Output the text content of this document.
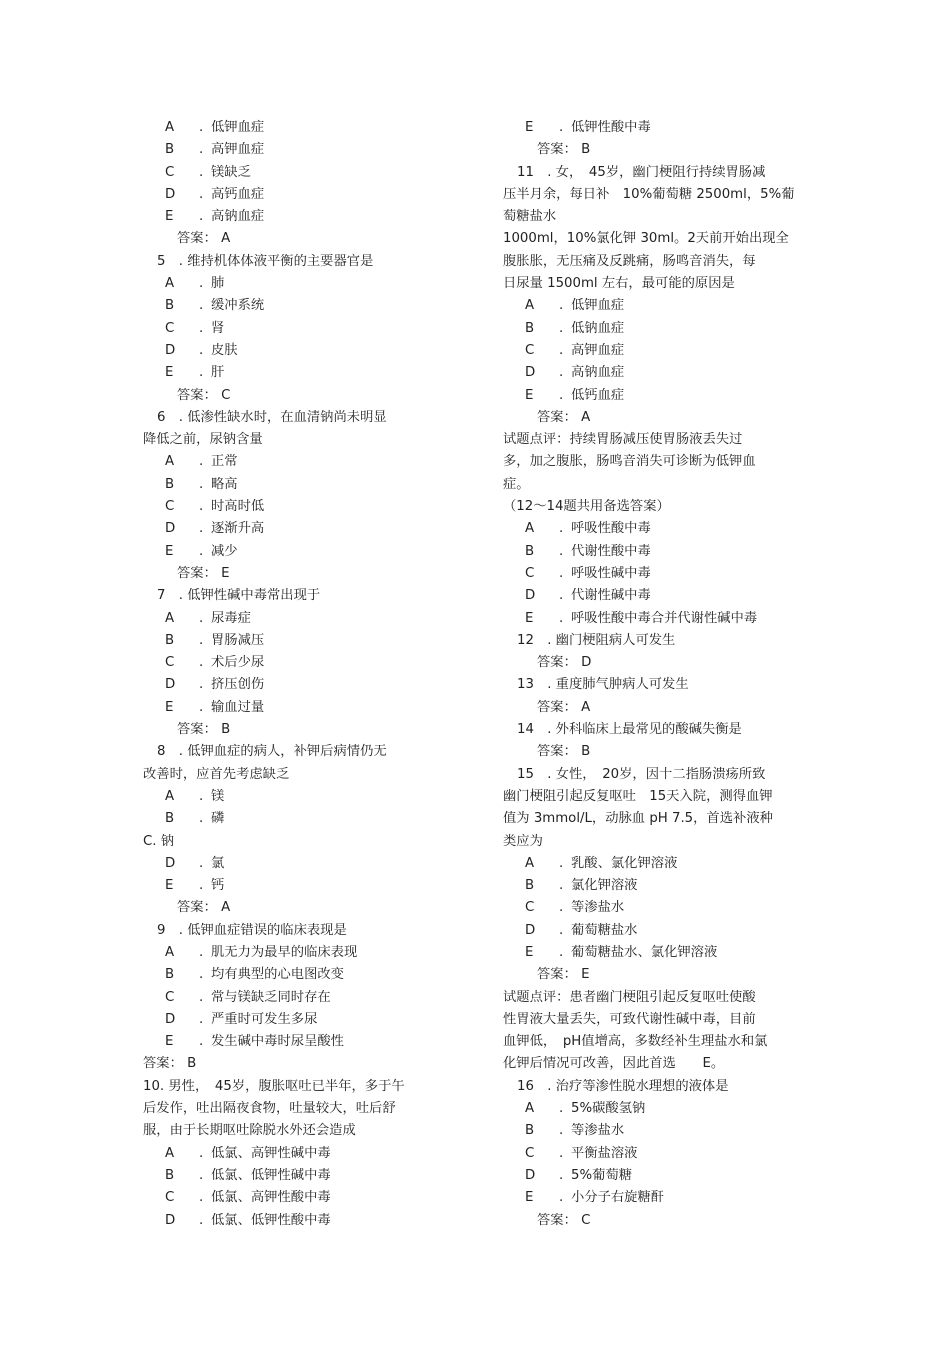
A . 低钾血症
B . 高钾血症
C . 镁缺乏
D . 高钙血症
E . 高钠血症
答案： A
5　. 维持机体体液平衡的主要器官是
A . 肺
B . 缓冲系统
C . 肾
D . 皮肤
E . 肝
答案： C
6　. 低渗性缺水时，在血清钠尚未明显
降低之前，尿钠含量
A . 正常
B . 略高
C . 时高时低
D . 逐渐升高
E . 减少
答案： E
7　. 低钾性碱中毒常出现于
A . 尿毒症
B . 胃肠减压
C . 术后少尿
D . 挤压创伤
E . 输血过量
答案： B
8　. 低钾血症的病人，补钾后病情仍无
改善时，应首先考虑缺乏
A . 镁
B . 磷
C. 钠
D . 氯
E . 钙
答案： A
9　. 低钾血症错误的临床表现是
A . 肌无力为最早的临床表现
B . 均有典型的心电图改变
C . 常与镁缺乏同时存在
D . 严重时可发生多尿
E . 发生碱中毒时尿呈酸性
答案： B
10. 男性，　45岁，腹胀呕吐已半年，多于午
后发作，吐出隔夜食物，吐量较大，吐后舒
服，由于长期呕吐除脱水外还会造成
A . 低氯、高钾性碱中毒
B . 低氯、低钾性碱中毒
C . 低氯、高钾性酸中毒
D . 低氯、低钾性酸中毒
E . 低钾性酸中毒
答案： B
11　. 女，　45岁，幽门梗阻行持续胃肠减
压半月余，每日补　10%葡萄糖 2500ml，5%葡
萄糖盐水
1000ml，10%氯化钾 30ml。2天前开始出现全
腹胀胀，无压痛及反跳痛，肠鸣音消失，每
日尿量 1500ml 左右，最可能的原因是
A . 低钾血症
B . 低钠血症
C . 高钾血症
D . 高钠血症
E . 低钙血症
答案： A
试题点评：持续胃肠减压使胃肠液丢失过
多，加之腹胀，肠鸣音消失可诊断为低钾血
症。
（12～14题共用备选答案）
A . 呼吸性酸中毒
B . 代谢性酸中毒
C . 呼吸性碱中毒
D . 代谢性碱中毒
E . 呼吸性酸中毒合并代谢性碱中毒
12　. 幽门梗阻病人可发生
答案： D
13　. 重度肺气肿病人可发生
答案： A
14　. 外科临床上最常见的酸碱失衡是
答案： B
15　. 女性，　20岁，因十二指肠溃疡所致
幽门梗阻引起反复呕吐　15天入院，测得血钾
值为 3mmol/L，动脉血 pH 7.5，首选补液种
类应为
A . 乳酸、氯化钾溶液
B . 氯化钾溶液
C . 等渗盐水
D . 葡萄糖盐水
E . 葡萄糖盐水、氯化钾溶液
答案： E
试题点评：患者幽门梗阻引起反复呕吐使酸
性胃液大量丢失，可致代谢性碱中毒，目前
血钾低，　pH值增高，多数经补生理盐水和氯
化钾后情况可改善，因此首选　　E。
16　. 治疗等渗性脱水理想的液体是
A . 5%碳酸氢钠
B . 等渗盐水
C . 平衡盐溶液
D . 5%葡萄糖
E . 小分子右旋糖酐
答案： C
